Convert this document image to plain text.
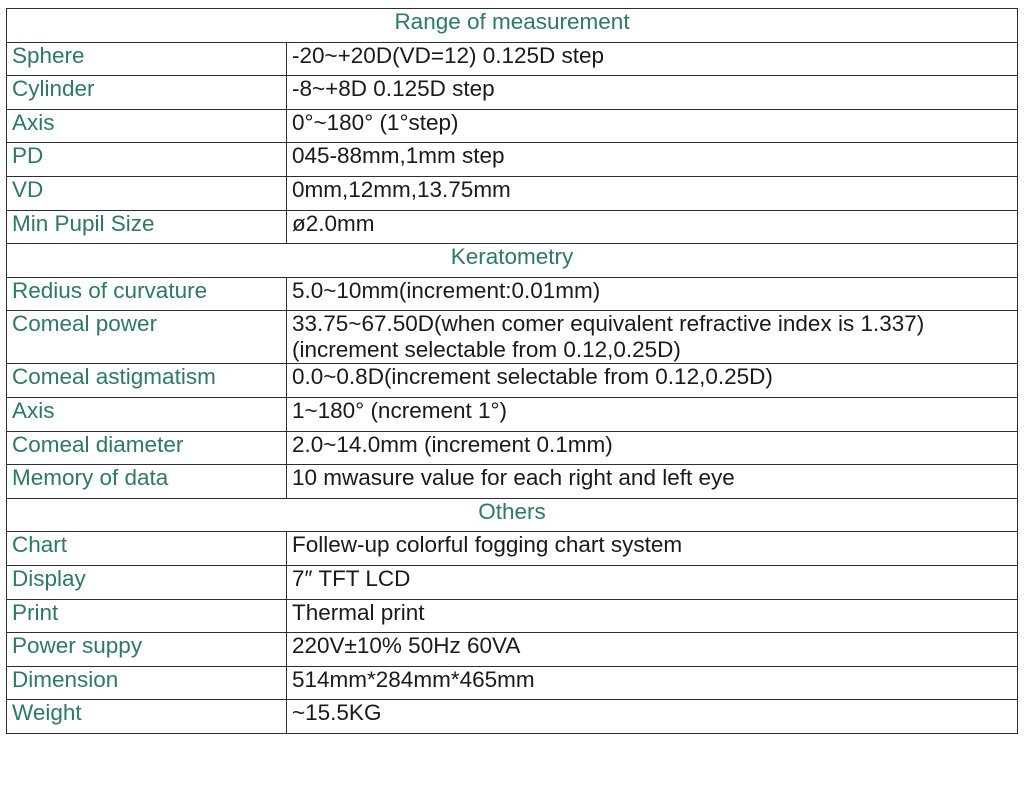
Range of measurement	
Sphere	-20~+20D(VD=12) 0.125D step
Cylinder	-8~+8D 0.125D step
Axis	0°~180° (1°step)
PD	045-88mm,1mm step
VD	0mm,12mm,13.75mm
Min Pupil Size	ø2.0mm
Keratometry	
Redius of curvature	5.0~10mm(increment:0.01mm)
Comeal power	33.75~67.50D(when comer equivalent refractive index is 1.337)
(increment selectable from 0.12,0.25D)

Comeal astigmatism	0.0~0.8D(increment selectable from 0.12,0.25D)
Axis	1~180° (ncrement 1°)
Comeal diameter	2.0~14.0mm (increment 0.1mm)
Memory of data	10 mwasure value for each right and left eye
Others	
Chart	Follew-up colorful fogging chart system
Display	7″ TFT LCD
Print	Thermal print
Power suppy	220V±10% 50Hz 60VA
Dimension	514mm*284mm*465mm
Weight	~15.5KG
